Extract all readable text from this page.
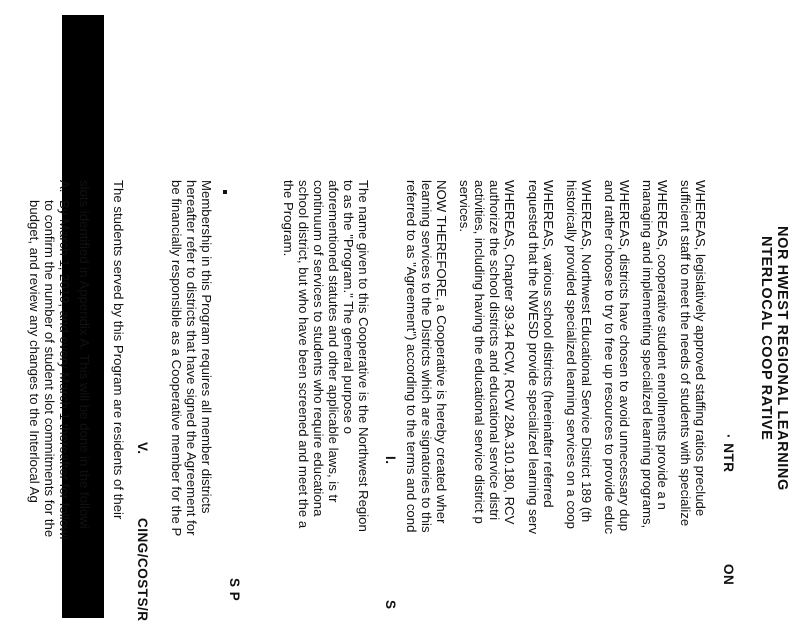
NOR HWEST REGIONAL LEARNING
NTERLOCAL COOP RATIVE
· NTR
ON
WHEREAS, legislatively approved staffing ratios preclude
sufficient staff to meet the needs of students with specialize
WHEREAS, cooperative student enrollments provide a n
managing and implementing specialized learning programs,
WHEREAS, districts have chosen to avoid unnecessary dup
and rather choose to try to free up resources to provide educ
WHEREAS, Northwest Educational Service District 189 (th
historically provided specialized learning services on a coop
WHEREAS, various school districts (hereinafter referred
requested that the NWESD provide specialized learning serv
WHEREAS, Chapter 39.34 RCW, RCW 28A.310.180, RCV
authorize the school districts and educational service distri
activities, including having the educational service district p
services.
NOW THEREFORE, a Cooperative is hereby created wher
learning services to the Districts which are signatories to this
referred to as "Agreement") according to the terms and cond
I.
S
The name given to this Cooperative is the Northwest Region
to as the "Program." The general purpose o
aforementioned statutes and other applicable laws, is tr
continuum of services to students who require educationa
school district, but who have been screened and meet the a
the Program.
S P
Membership in this Program requires all member districts
hereafter refer to districts that have signed the Agreement for
be financially responsible as a Cooperative member for the P
V.
CING/COSTS/R
The students served by this Program are residents of their
slots identified in Appendix A. This will be done in the followi
A.
By March 1, 2019, and every March 1 thereafter for followi
to confirm the number of student slot commitments for the
budget, and review any changes to the Interlocal Ag
